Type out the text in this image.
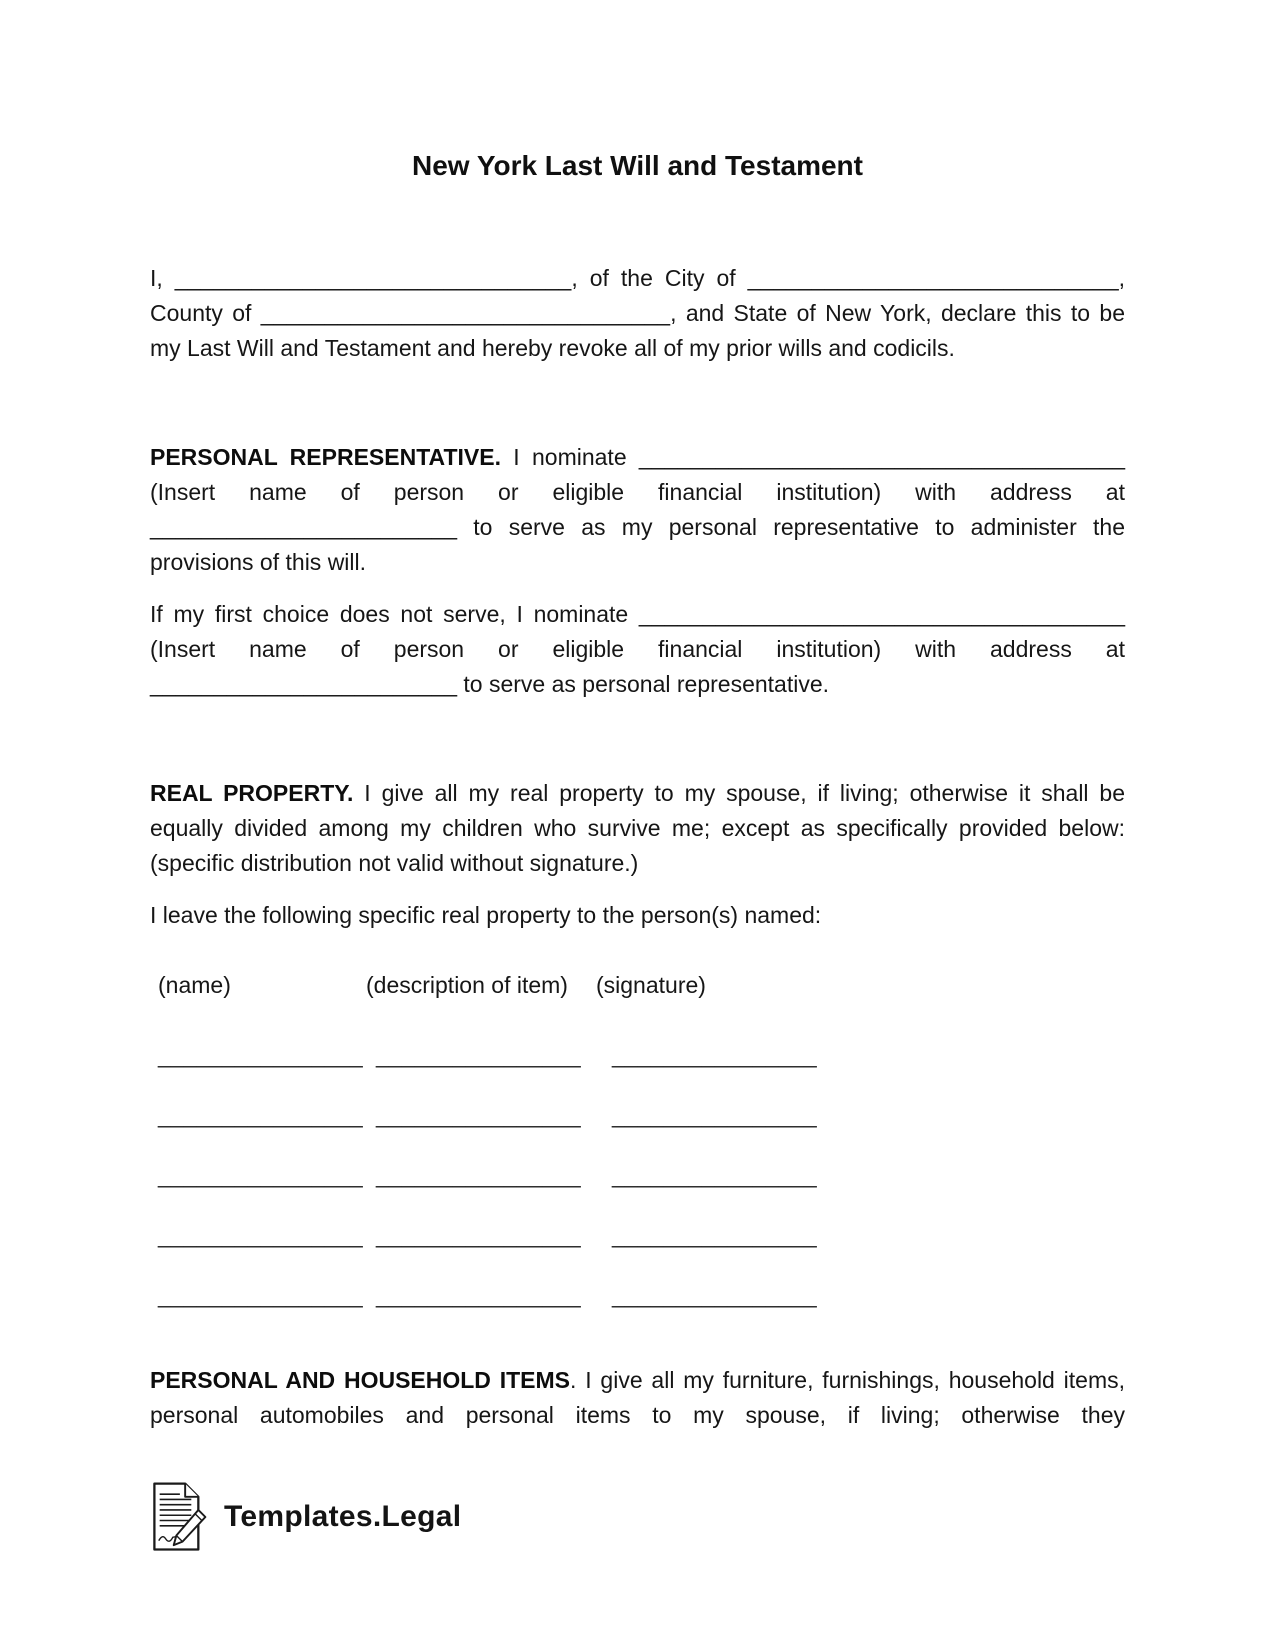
New York Last Will and Testament

I, _______________________________, of the City of _____________________________, County of ________________________________, and State of New York, declare this to be my Last Will and Testament and hereby revoke all of my prior wills and codicils.

PERSONAL REPRESENTATIVE. I nominate ______________________________________ (Insert name of person or eligible financial institution) with address at ________________________ to serve as my personal representative to administer the provisions of this will.

If my first choice does not serve, I nominate ______________________________________ (Insert name of person or eligible financial institution) with address at ________________________ to serve as personal representative.

REAL PROPERTY. I give all my real property to my spouse, if living; otherwise it shall be equally divided among my children who survive me; except as specifically provided below:
(specific distribution not valid without signature.)

I leave the following specific real property to the person(s) named:

(name)	(description of item)	(signature)
________________ ________________	________________
________________ ________________	________________
________________ ________________	________________
________________ ________________	________________
________________ ________________	________________

PERSONAL AND HOUSEHOLD ITEMS. I give all my furniture, furnishings, household items, personal automobiles and personal items to my spouse, if living; otherwise they

Templates.Legal
